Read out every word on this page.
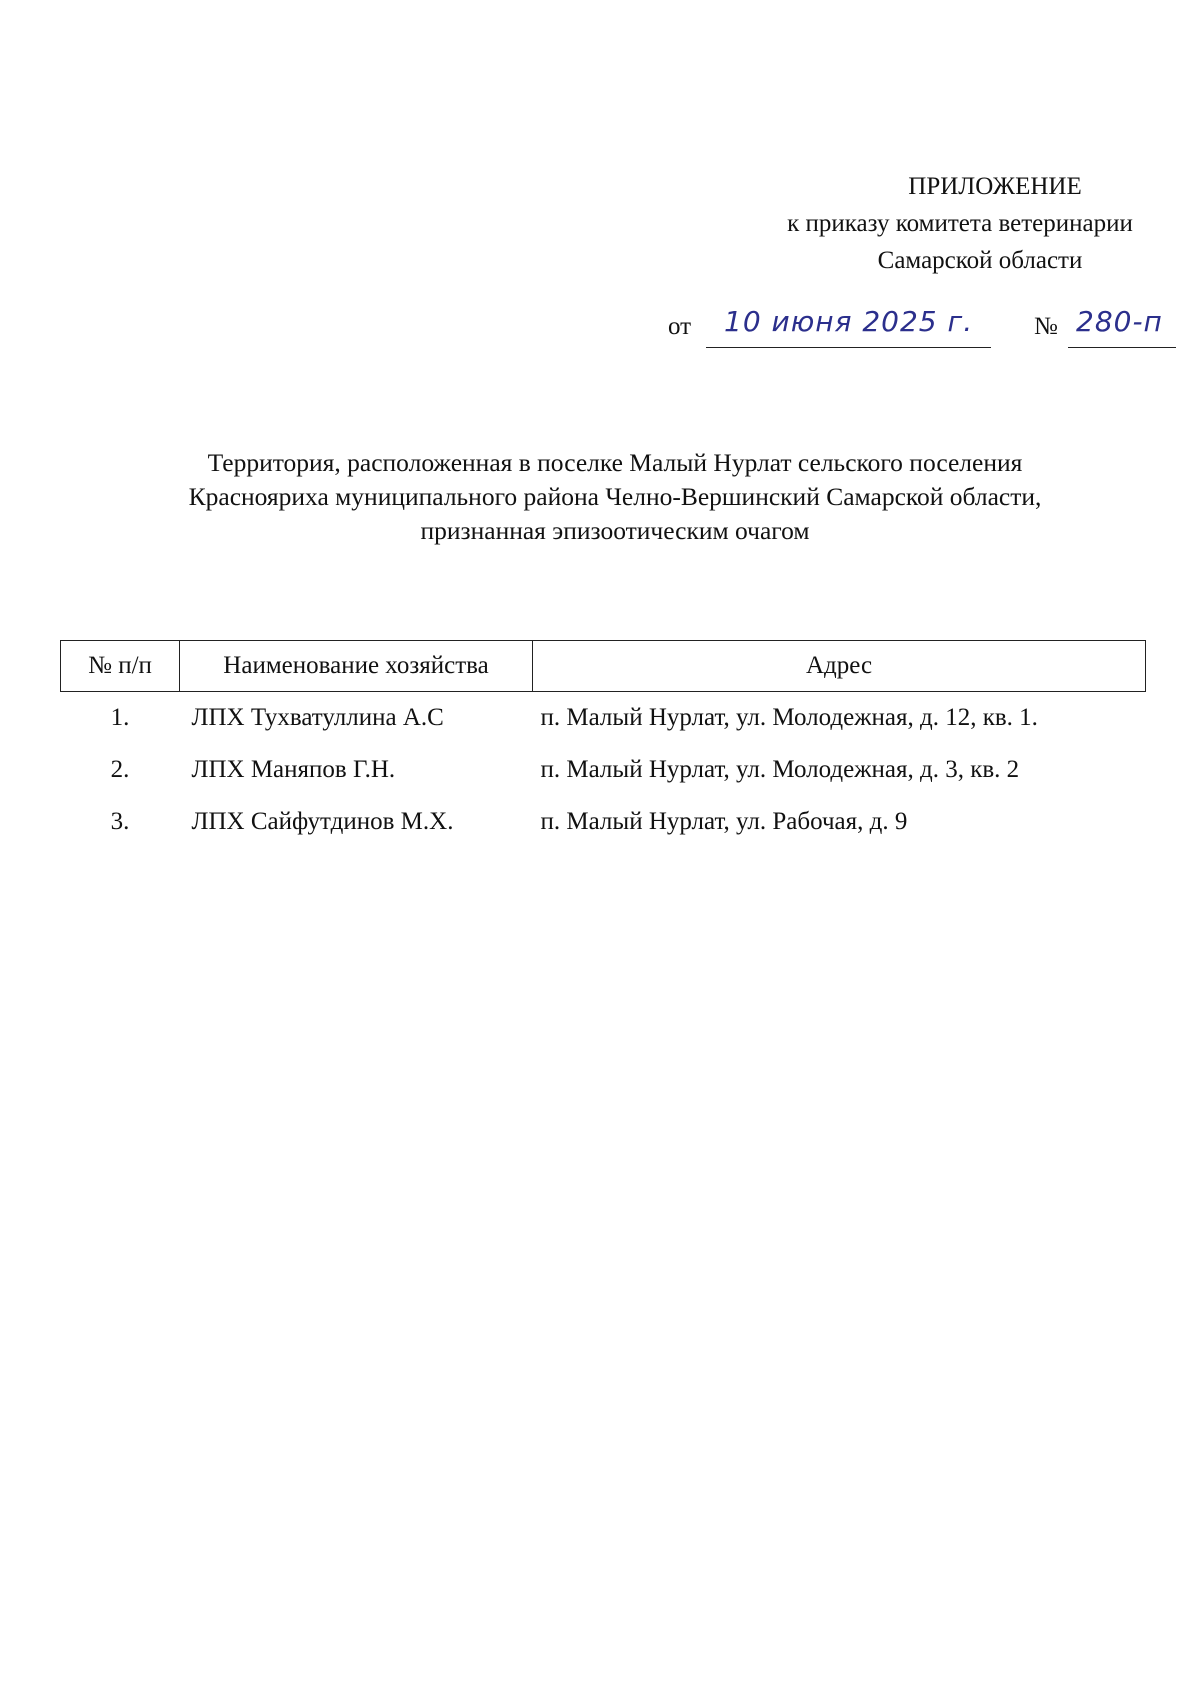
ПРИЛОЖЕНИЕ
к приказу комитета ветеринарии
Самарской области
от 10 июня 2025 г. № 280-п
Территория, расположенная в поселке Малый Нурлат сельского поселения
Краснояриха муниципального района Челно-Вершинский Самарской области,
признанная эпизоотическим очагом
№ п/п	Наименование хозяйства	Адрес
1.	ЛПХ Тухватуллина А.С	п. Малый Нурлат, ул. Молодежная, д. 12, кв. 1.
2.	ЛПХ Маняпов Г.Н.	п. Малый Нурлат, ул. Молодежная, д. 3, кв. 2
3.	ЛПХ Сайфутдинов М.Х.	п. Малый Нурлат, ул. Рабочая, д. 9
